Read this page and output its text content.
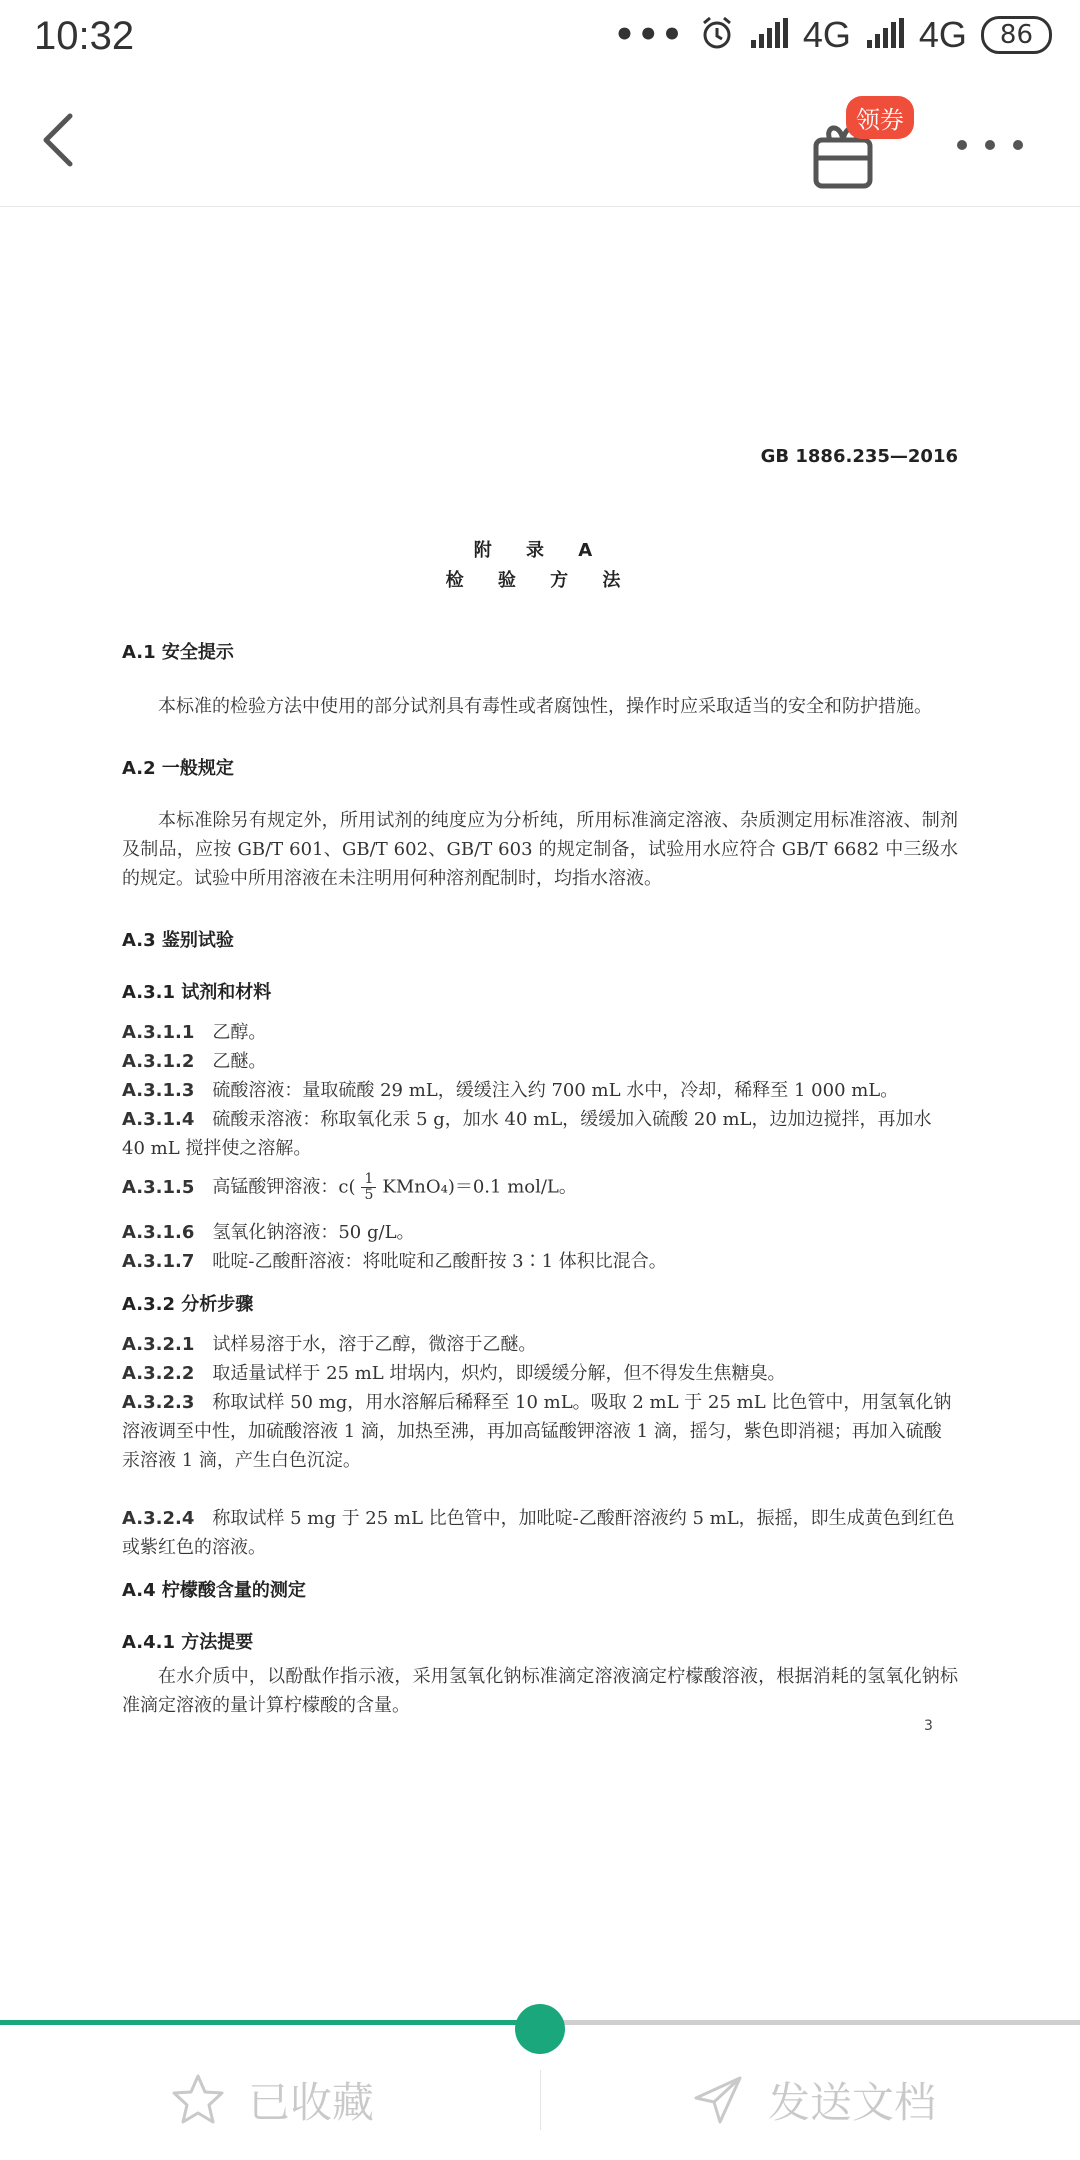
10:32	•••	4G 4G	86
领券
GB 1886.235—2016
附 录 A
检 验 方 法
A.1 安全提示
本标准的检验方法中使用的部分试剂具有毒性或者腐蚀性，操作时应采取适当的安全和防护措施。
A.2 一般规定
本标准除另有规定外，所用试剂的纯度应为分析纯，所用标准滴定溶液、杂质测定用标准溶液、制剂及制品，应按 GB/T 601、GB/T 602、GB/T 603 的规定制备，试验用水应符合 GB/T 6682 中三级水的规定。试验中所用溶液在未注明用何种溶剂配制时，均指水溶液。
A.3 鉴别试验
A.3.1 试剂和材料
A.3.1.1 乙醇。
A.3.1.2 乙醚。
A.3.1.3 硫酸溶液：量取硫酸 29 mL，缓缓注入约 700 mL 水中，冷却，稀释至 1 000 mL。
A.3.1.4 硫酸汞溶液：称取氧化汞 5 g，加水 40 mL，缓缓加入硫酸 20 mL，边加边搅拌，再加水 40 mL 搅拌使之溶解。
A.3.1.5 高锰酸钾溶液：$c( \frac{1}{5}$ KMnO₄)＝0.1 mol/L。
A.3.1.6 氢氧化钠溶液：50 g/L。
A.3.1.7 吡啶-乙酸酐溶液：将吡啶和乙酸酐按 3∶1 体积比混合。
A.3.2 分析步骤
A.3.2.1 试样易溶于水，溶于乙醇，微溶于乙醚。
A.3.2.2 取适量试样于 25 mL 坩埚内，炽灼，即缓缓分解，但不得发生焦糖臭。
A.3.2.3 称取试样 50 mg，用水溶解后稀释至 10 mL。吸取 2 mL 于 25 mL 比色管中，用氢氧化钠溶液调至中性，加硫酸溶液 1 滴，加热至沸，再加高锰酸钾溶液 1 滴，摇匀，紫色即消褪；再加入硫酸汞溶液 1 滴，产生白色沉淀。
A.3.2.4 称取试样 5 mg 于 25 mL 比色管中，加吡啶-乙酸酐溶液约 5 mL，振摇，即生成黄色到红色或紫红色的溶液。
A.4 柠檬酸含量的测定
A.4.1 方法提要
在水介质中，以酚酞作指示液，采用氢氧化钠标准滴定溶液滴定柠檬酸溶液，根据消耗的氢氧化钠标准滴定溶液的量计算柠檬酸的含量。
3
已收藏	发送文档
